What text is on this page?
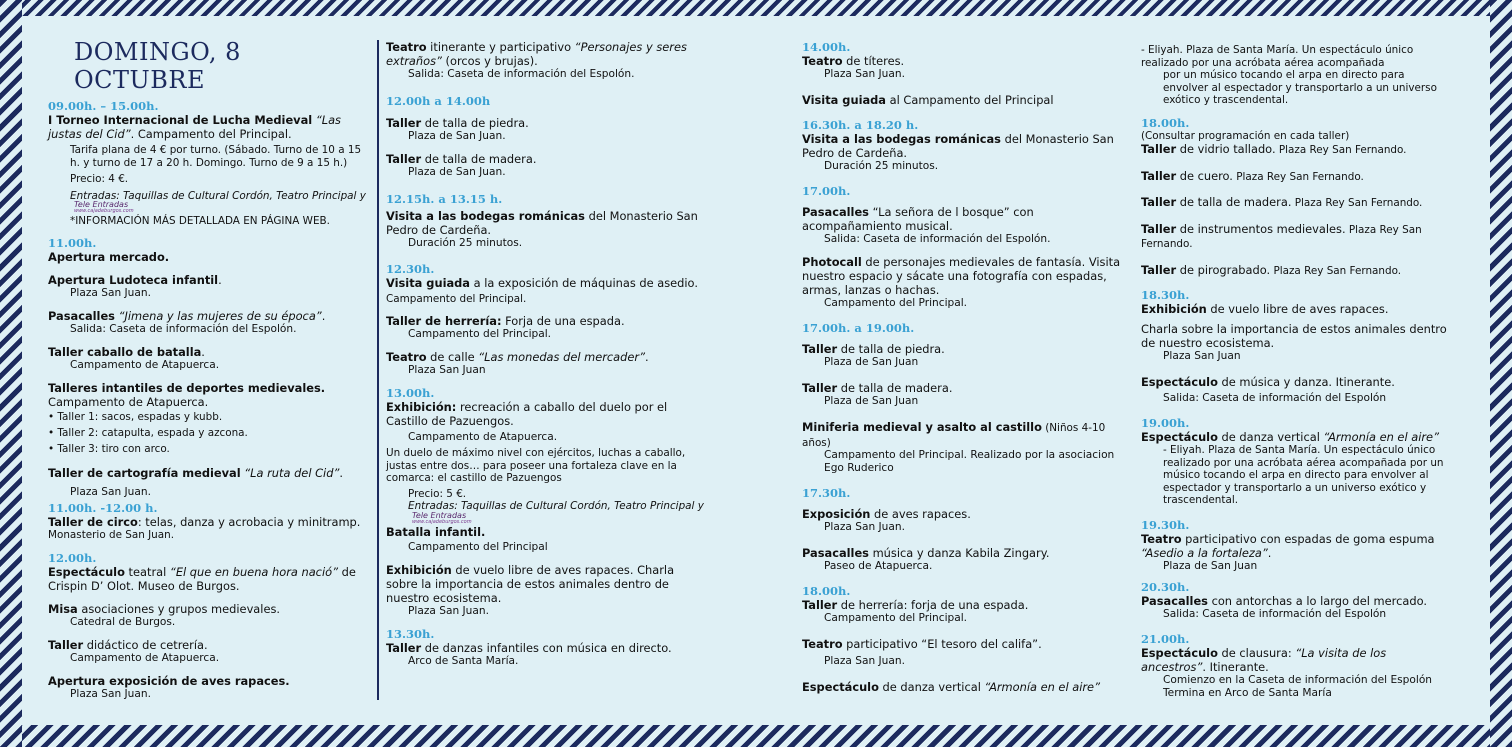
DOMINGO, 8 OCTUBRE
09.00h. – 15.00h.
I Torneo Internacional de Lucha Medieval “Las justas del Cid”. Campamento del Principal.
Tarifa plana de 4 € por turno. (Sábado. Turno de 10 a 15 h. y turno de 17 a 20 h. Domingo. Turno de 9 a 15 h.)
Precio: 4 €.
Entradas: Taquillas de Cultural Cordón, Teatro Principal y
Tele Entradas
www.cajadeburgos.com
*INFORMACIÓN MÁS DETALLADA EN PÁGINA WEB.
11.00h.
Apertura mercado.
Apertura Ludoteca infantil.
Plaza San Juan.
Pasacalles “Jimena y las mujeres de su época”.
Salida: Caseta de información del Espolón.
Taller caballo de batalla.
Campamento de Atapuerca.
Talleres intantiles de deportes medievales.
Campamento de Atapuerca.
• Taller 1: sacos, espadas y kubb.
• Taller 2: catapulta, espada y azcona.
• Taller 3: tiro con arco.
Taller de cartografía medieval “La ruta del Cid”.
Plaza San Juan.
11.00h. -12.00 h.
Taller de circo: telas, danza y acrobacia y minitramp.
Monasterio de San Juan.
12.00h.
Espectáculo teatral “El que en buena hora nació” de Crispin D’ Olot. Museo de Burgos.
Misa asociaciones y grupos medievales.
Catedral de Burgos.
Taller didáctico de cetrería.
Campamento de Atapuerca.
Apertura exposición de aves rapaces.
Plaza San Juan.
Teatro itinerante y participativo “Personajes y seres extraños” (orcos y brujas).
Salida: Caseta de información del Espolón.
12.00h a 14.00h
Taller de talla de piedra.
Plaza de San Juan.
Taller de talla de madera.
Plaza de San Juan.
12.15h. a 13.15 h.
Visita a las bodegas románicas del Monasterio San Pedro de Cardeña.
Duración 25 minutos.
12.30h.
Visita guiada a la exposición de máquinas de asedio. Campamento del Principal.
Taller de herrería: Forja de una espada.
Campamento del Principal.
Teatro de calle “Las monedas del mercader”.
Plaza San Juan
13.00h.
Exhibición: recreación a caballo del duelo por el Castillo de Pazuengos.
Campamento de Atapuerca.
Un duelo de máximo nivel con ejércitos, luchas a caballo, justas entre dos… para poseer una fortaleza clave en la comarca: el castillo de Pazuengos
Precio: 5 €.
Entradas: Taquillas de Cultural Cordón, Teatro Principal y
Tele Entradas
www.cajadeburgos.com
Batalla infantil.
Campamento del Principal
Exhibición de vuelo libre de aves rapaces. Charla sobre la importancia de estos animales dentro de nuestro ecosistema.
Plaza San Juan.
13.30h.
Taller de danzas infantiles con música en directo.
Arco de Santa María.
14.00h.
Teatro de títeres.
Plaza San Juan.
Visita guiada al Campamento del Principal
16.30h. a 18.20 h.
Visita a las bodegas románicas del Monasterio San Pedro de Cardeña.
Duración 25 minutos.
17.00h.
Pasacalles “La señora de l bosque” con acompañamiento musical.
Salida: Caseta de información del Espolón.
Photocall de personajes medievales de fantasía. Visita nuestro espacio y sácate una fotografía con espadas, armas, lanzas o hachas.
Campamento del Principal.
17.00h. a 19.00h.
Taller de talla de piedra.
Plaza de San Juan
Taller de talla de madera.
Plaza de San Juan
Miniferia medieval y asalto al castillo (Niños 4-10 años)
Campamento del Principal. Realizado por la asociacion Ego Ruderico
17.30h.
Exposición de aves rapaces.
Plaza San Juan.
Pasacalles música y danza Kabila Zingary.
Paseo de Atapuerca.
18.00h.
Taller de herrería: forja de una espada.
Campamento del Principal.
Teatro participativo “El tesoro del califa”.
Plaza San Juan.
Espectáculo de danza vertical “Armonía en el aire”
- Eliyah. Plaza de Santa María. Un espectáculo único realizado por una acróbata aérea acompañada
por un músico tocando el arpa en directo para envolver al espectador y transportarlo a un universo exótico y trascendental.
18.00h.
(Consultar programación en cada taller)
Taller de vidrio tallado. Plaza Rey San Fernando.
Taller de cuero. Plaza Rey San Fernando.
Taller de talla de madera. Plaza Rey San Fernando.
Taller de instrumentos medievales. Plaza Rey San Fernando.
Taller de pirograbado. Plaza Rey San Fernando.
18.30h.
Exhibición de vuelo libre de aves rapaces.
Charla sobre la importancia de estos animales dentro de nuestro ecosistema.
Plaza San Juan
Espectáculo de música y danza. Itinerante.
Salida: Caseta de información del Espolón
19.00h.
Espectáculo de danza vertical “Armonía en el aire”
- Eliyah. Plaza de Santa María. Un espectáculo único realizado por una acróbata aérea acompañada por un músico tocando el arpa en directo para envolver al espectador y transportarlo a un universo exótico y trascendental.
19.30h.
Teatro participativo con espadas de goma espuma “Asedio a la fortaleza”.
Plaza de San Juan
20.30h.
Pasacalles con antorchas a lo largo del mercado.
Salida: Caseta de información del Espolón
21.00h.
Espectáculo de clausura: “La visita de los ancestros”. Itinerante.
Comienzo en la Caseta de información del Espolón
Termina en Arco de Santa María
